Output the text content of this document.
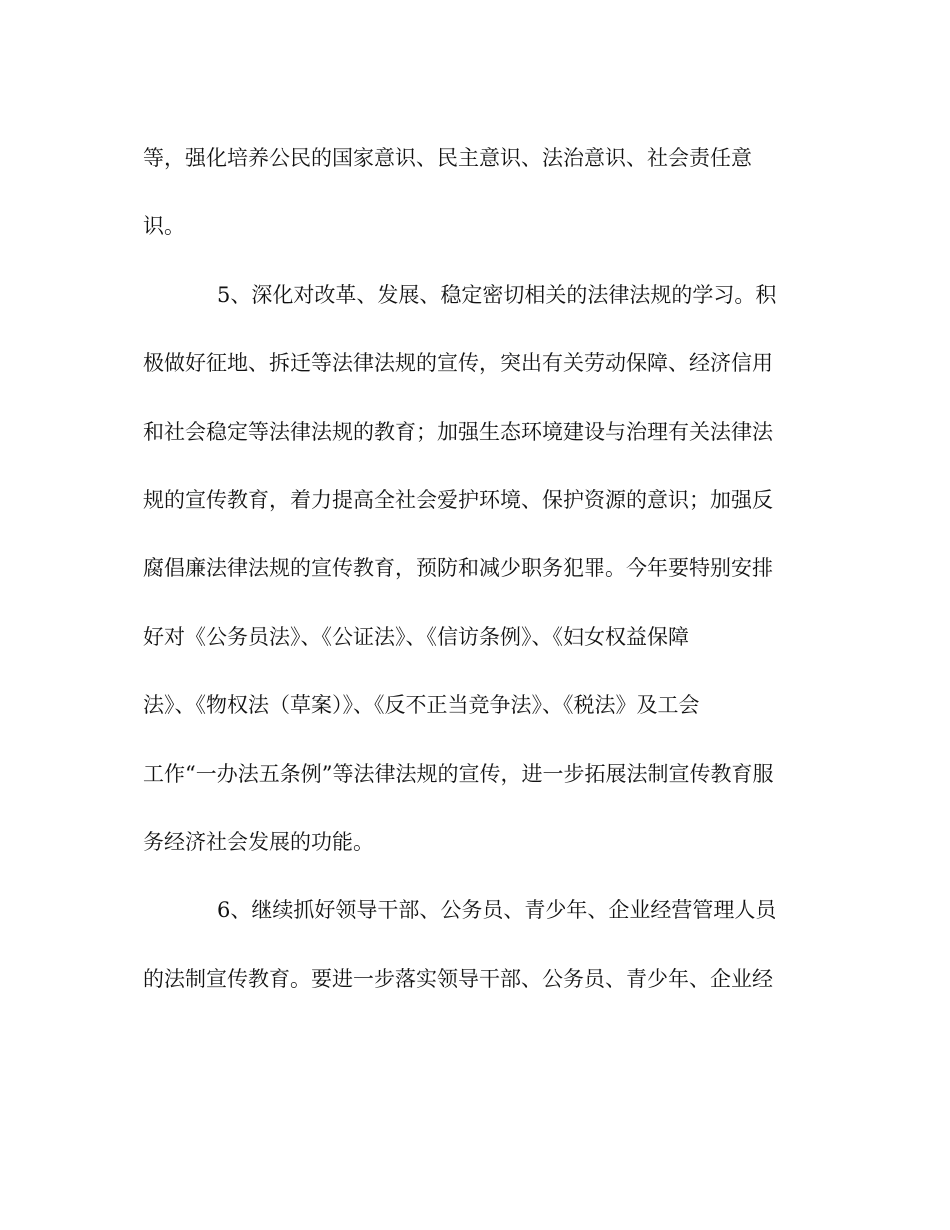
等，强化培养公民的国家意识、民主意识、法治意识、社会责任意
识。
5、深化对改革、发展、稳定密切相关的法律法规的学习。积
极做好征地、拆迁等法律法规的宣传，突出有关劳动保障、经济信用
和社会稳定等法律法规的教育；加强生态环境建设与治理有关法律法
规的宣传教育，着力提高全社会爱护环境、保护资源的意识；加强反
腐倡廉法律法规的宣传教育，预防和减少职务犯罪。今年要特别安排
好对《公务员法》、《公证法》、《信访条例》、《妇女权益保障
法》、《物权法（草案）》、《反不正当竞争法》、《税法》及工会
工作“一办法五条例”等法律法规的宣传，进一步拓展法制宣传教育服
务经济社会发展的功能。
6、继续抓好领导干部、公务员、青少年、企业经营管理人员
的法制宣传教育。要进一步落实领导干部、公务员、青少年、企业经
